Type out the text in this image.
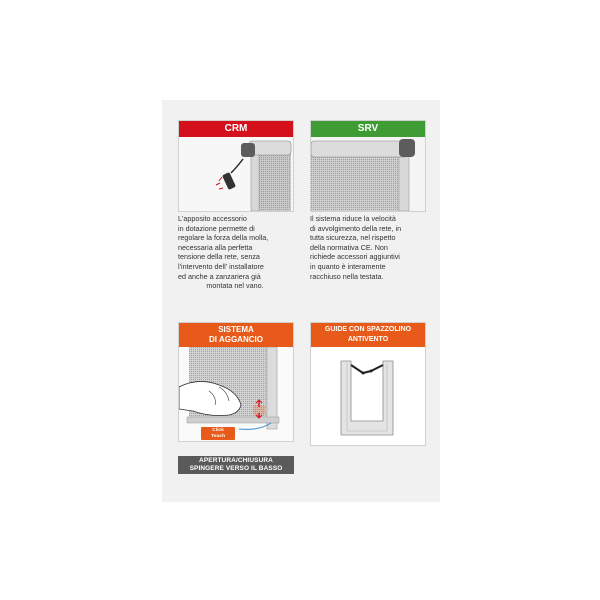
CRM	SRV
L'apposito accessorio
in dotazione permette di
regolare la forza della molla,
necessaria alla perfetta
tensione della rete, senza
l'intervento dell' installatore
ed anche a zanzariera già
montata nel vano.
Il sistema riduce la velocità
di avvolgimento della rete, in
tutta sicurezza, nel rispetto
della normativa CE. Non
richiede accessori aggiuntivi
in quanto è interamente
racchiuso nella testata.
SISTEMA
DI AGGANCIO
Click
Touch
APERTURA/CHIUSURA
SPINGERE VERSO IL BASSO
GUIDE CON SPAZZOLINO
ANTIVENTO
